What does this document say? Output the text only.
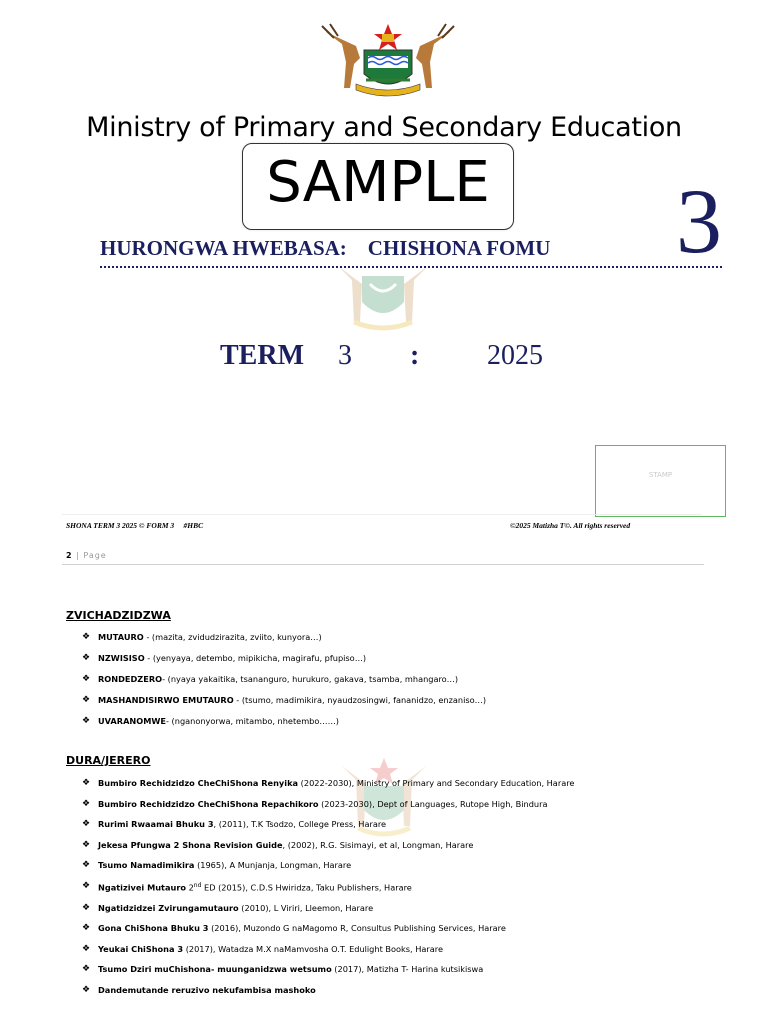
Ministry of Primary and Secondary Education
SAMPLE
HURONGWA HWEBASA:    CHISHONA FOMU 3
TERM 3 : 2025
STAMP
SHONA TERM 3 2025 © FORM 3     #HBC	©2025 Matizha T©. All rights reserved
2 | Page
ZVICHADZIDZWA
❖ MUTAURO - (mazita, zvidudzirazita, zviito, kunyora…)
❖ NZWISISO - (yenyaya, detembo, mipikicha, magirafu, pfupiso…)
❖ RONDEDZERO- (nyaya yakaitika, tsananguro, hurukuro, gakava, tsamba, mhangaro…)
❖ MASHANDISIRWO EMUTAURO - (tsumo, madimikira, nyaudzosingwi, fananidzo, enzaniso…)
❖ UVARANOMWE- (nganonyorwa, mitambo, nhetembo……)
DURA/JERERO
❖ Bumbiro Rechidzidzo CheChiShona Renyika (2022-2030), Ministry of Primary and Secondary Education, Harare
❖ Bumbiro Rechidzidzo CheChiShona Repachikoro (2023-2030), Dept of Languages, Rutope High, Bindura
❖ Rurimi Rwaamai Bhuku 3, (2011), T.K Tsodzo, College Press, Harare
❖ Jekesa Pfungwa 2 Shona Revision Guide, (2002), R.G. Sisimayi, et al, Longman, Harare
❖ Tsumo Namadimikira (1965), A Munjanja, Longman, Harare
❖ Ngatizivei Mutauro 2nd ED (2015), C.D.S Hwiridza, Taku Publishers, Harare
❖ Ngatidzidzei Zvirungamutauro (2010), L Viriri, Lleemon, Harare
❖ Gona ChiShona Bhuku 3 (2016), Muzondo G naMagomo R, Consultus Publishing Services, Harare
❖ Yeukai ChiShona 3 (2017), Watadza M.X naMamvosha O.T. Edulight Books, Harare
❖ Tsumo Dziri muChishona- muunganidzwa wetsumo (2017), Matizha T- Harina kutsikiswa
❖ Dandemutande reruzivo nekufambisa mashoko
